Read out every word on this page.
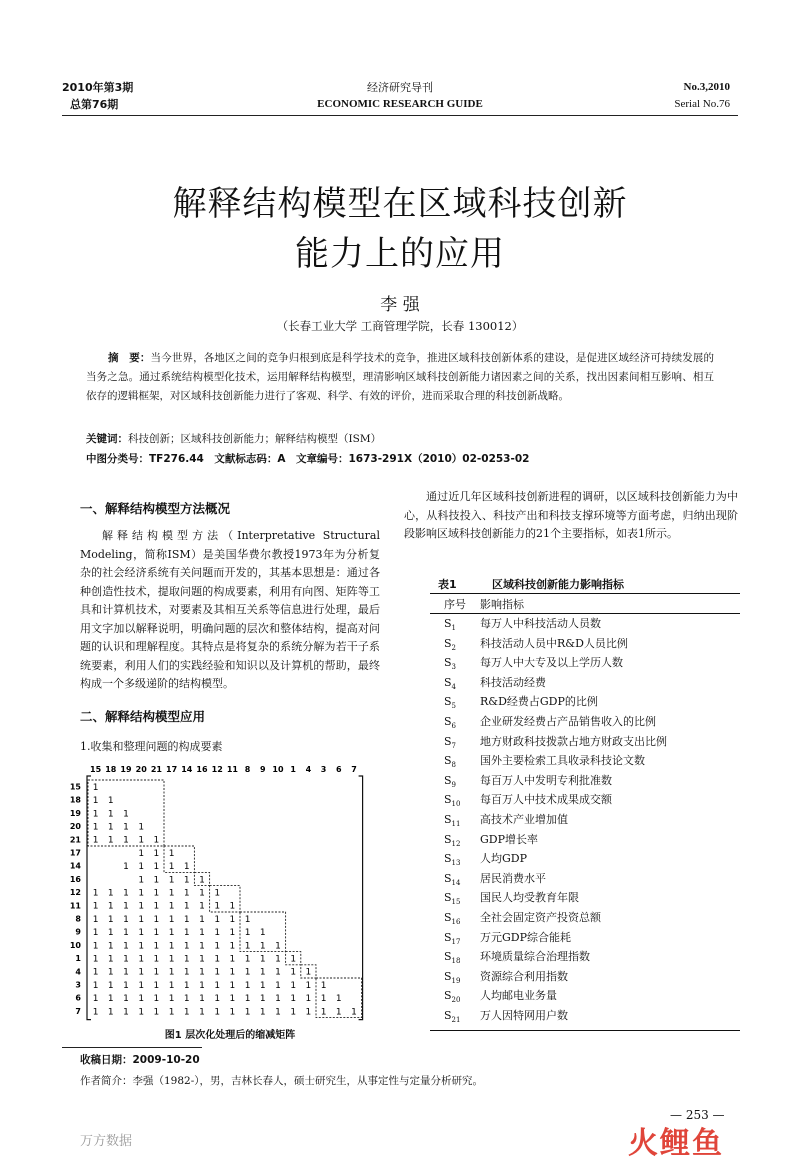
2010年第3期
总第76期
经济研究导刊
ECONOMIC RESEARCH GUIDE
No.3,2010
Serial No.76
解释结构模型在区域科技创新
能力上的应用
李 强
（长春工业大学 工商管理学院，长春 130012）
摘　要：当今世界，各地区之间的竞争归根到底是科学技术的竞争，推进区域科技创新体系的建设，是促进区域经济可持续发展的当务之急。通过系统结构模型化技术，运用解释结构模型，理清影响区域科技创新能力诸因素之间的关系，找出因素间相互影响、相互依存的逻辑框架，对区域科技创新能力进行了客观、科学、有效的评价，进而采取合理的科技创新战略。
关键词：科技创新；区域科技创新能力；解释结构模型（ISM）
中图分类号：TF276.44　文献标志码：A　文章编号：1673-291X（2010）02-0253-02
一、解释结构模型方法概况
解释结构模型方法（Interpretative Structural Modeling，简称ISM）是美国华费尔教授1973年为分析复杂的社会经济系统有关问题而开发的，其基本思想是：通过各种创造性技术，提取问题的构成要素，利用有向图、矩阵等工具和计算机技术，对要素及其相互关系等信息进行处理，最后用文字加以解释说明，明确问题的层次和整体结构，提高对问题的认识和理解程度。其特点是将复杂的系统分解为若干子系统要素，利用人们的实践经验和知识以及计算机的帮助，最终构成一个多级递阶的结构模型。
二、解释结构模型应用
1.收集和整理问题的构成要素
15 18 19 20 21 17 14 16 12 11 8 9 10 1 4 3 6 7
15
18
19
20
21
17
14
16
12
11
8
9
10
1
4
3
6
7
1
1 1
1 1 1
1 1 1 1
1 1 1 1 1
1 1 1
1 1 1 1 1
1 1 1 1 1
1 1 1 1 1 1 1 1 1
1 1 1 1 1 1 1 1 1 1
1 1 1 1 1 1 1 1 1 1 1
1 1 1 1 1 1 1 1 1 1 1 1
1 1 1 1 1 1 1 1 1 1 1 1 1
1 1 1 1 1 1 1 1 1 1 1 1 1 1
1 1 1 1 1 1 1 1 1 1 1 1 1 1 1
1 1 1 1 1 1 1 1 1 1 1 1 1 1 1 1
1 1 1 1 1 1 1 1 1 1 1 1 1 1 1 1 1
1 1 1 1 1 1 1 1 1 1 1 1 1 1 1 1 1 1
图1 层次化处理后的缩减矩阵
通过近几年区域科技创新进程的调研，以区域科技创新能力为中心，从科技投入、科技产出和科技支撑环境等方面考虑，归纳出现阶段影响区域科技创新能力的21个主要指标，如表1所示。
表1	区域科技创新能力影响指标
序号 影响指标
$S_1$ 每万人中科技活动人员数
$S_2$ 科技活动人员中R&D人员比例
$S_3$ 每万人中大专及以上学历人数
$S_4$ 科技活动经费
$S_5$ R&D经费占GDP的比例
$S_6$ 企业研发经费占产品销售收入的比例
$S_7$ 地方财政科技拨款占地方财政支出比例
$S_8$ 国外主要检索工具收录科技论文数
$S_9$ 每百万人中发明专利批准数
$S_{10}$ 每百万人中技术成果成交额
$S_{11}$ 高技术产业增加值
$S_{12}$ GDP增长率
$S_{13}$ 人均GDP
$S_{14}$ 居民消费水平
$S_{15}$ 国民人均受教育年限
$S_{16}$ 全社会固定资产投资总额
$S_{17}$ 万元GDP综合能耗
$S_{18}$ 环境质量综合治理指数
$S_{19}$ 资源综合利用指数
$S_{20}$ 人均邮电业务量
$S_{21}$ 万人因特网用户数
收稿日期：2009-10-20
作者简介：李强（1982-），男，吉林长春人，硕士研究生，从事定性与定量分析研究。
— 253 —
万方数据	火鲤鱼
